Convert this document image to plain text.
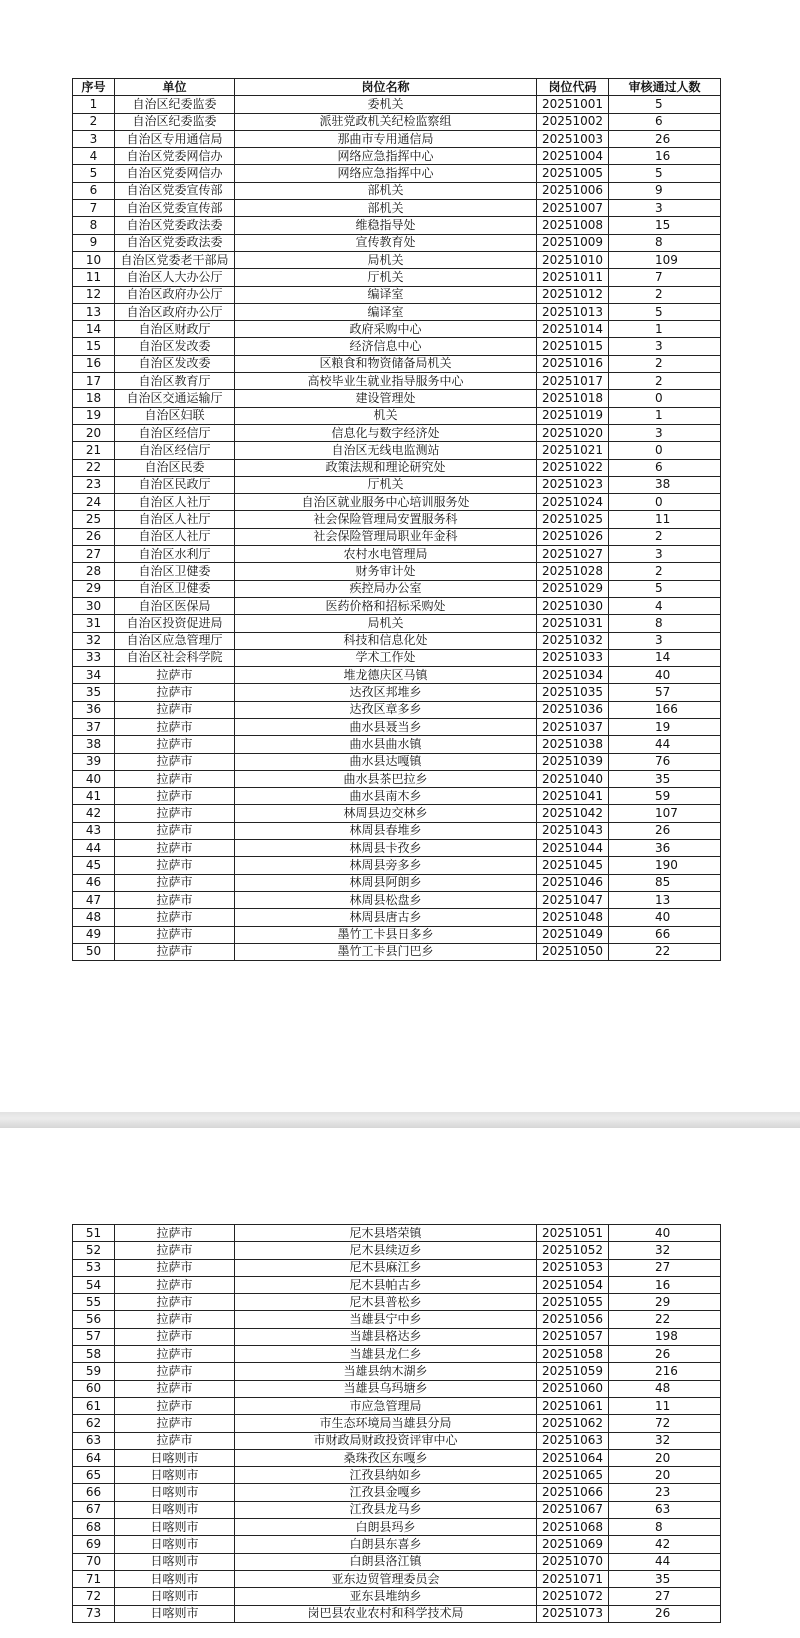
序号	单位	岗位名称	岗位代码	审核通过人数
1	自治区纪委监委	委机关	20251001	5
2	自治区纪委监委	派驻党政机关纪检监察组	20251002	6
3	自治区专用通信局	那曲市专用通信局	20251003	26
4	自治区党委网信办	网络应急指挥中心	20251004	16
5	自治区党委网信办	网络应急指挥中心	20251005	5
6	自治区党委宣传部	部机关	20251006	9
7	自治区党委宣传部	部机关	20251007	3
8	自治区党委政法委	维稳指导处	20251008	15
9	自治区党委政法委	宣传教育处	20251009	8
10	自治区党委老干部局	局机关	20251010	109
11	自治区人大办公厅	厅机关	20251011	7
12	自治区政府办公厅	编译室	20251012	2
13	自治区政府办公厅	编译室	20251013	5
14	自治区财政厅	政府采购中心	20251014	1
15	自治区发改委	经济信息中心	20251015	3
16	自治区发改委	区粮食和物资储备局机关	20251016	2
17	自治区教育厅	高校毕业生就业指导服务中心	20251017	2
18	自治区交通运输厅	建设管理处	20251018	0
19	自治区妇联	机关	20251019	1
20	自治区经信厅	信息化与数字经济处	20251020	3
21	自治区经信厅	自治区无线电监测站	20251021	0
22	自治区民委	政策法规和理论研究处	20251022	6
23	自治区民政厅	厅机关	20251023	38
24	自治区人社厅	自治区就业服务中心培训服务处	20251024	0
25	自治区人社厅	社会保险管理局安置服务科	20251025	11
26	自治区人社厅	社会保险管理局职业年金科	20251026	2
27	自治区水利厅	农村水电管理局	20251027	3
28	自治区卫健委	财务审计处	20251028	2
29	自治区卫健委	疾控局办公室	20251029	5
30	自治区医保局	医药价格和招标采购处	20251030	4
31	自治区投资促进局	局机关	20251031	8
32	自治区应急管理厅	科技和信息化处	20251032	3
33	自治区社会科学院	学术工作处	20251033	14
34	拉萨市	堆龙德庆区马镇	20251034	40
35	拉萨市	达孜区邦堆乡	20251035	57
36	拉萨市	达孜区章多乡	20251036	166
37	拉萨市	曲水县聂当乡	20251037	19
38	拉萨市	曲水县曲水镇	20251038	44
39	拉萨市	曲水县达嘎镇	20251039	76
40	拉萨市	曲水县茶巴拉乡	20251040	35
41	拉萨市	曲水县南木乡	20251041	59
42	拉萨市	林周县边交林乡	20251042	107
43	拉萨市	林周县春堆乡	20251043	26
44	拉萨市	林周县卡孜乡	20251044	36
45	拉萨市	林周县旁多乡	20251045	190
46	拉萨市	林周县阿朗乡	20251046	85
47	拉萨市	林周县松盘乡	20251047	13
48	拉萨市	林周县唐古乡	20251048	40
49	拉萨市	墨竹工卡县日多乡	20251049	66
50	拉萨市	墨竹工卡县门巴乡	20251050	22
51	拉萨市	尼木县塔荣镇	20251051	40
52	拉萨市	尼木县续迈乡	20251052	32
53	拉萨市	尼木县麻江乡	20251053	27
54	拉萨市	尼木县帕古乡	20251054	16
55	拉萨市	尼木县普松乡	20251055	29
56	拉萨市	当雄县宁中乡	20251056	22
57	拉萨市	当雄县格达乡	20251057	198
58	拉萨市	当雄县龙仁乡	20251058	26
59	拉萨市	当雄县纳木湖乡	20251059	216
60	拉萨市	当雄县乌玛塘乡	20251060	48
61	拉萨市	市应急管理局	20251061	11
62	拉萨市	市生态环境局当雄县分局	20251062	72
63	拉萨市	市财政局财政投资评审中心	20251063	32
64	日喀则市	桑珠孜区东嘎乡	20251064	20
65	日喀则市	江孜县纳如乡	20251065	20
66	日喀则市	江孜县金嘎乡	20251066	23
67	日喀则市	江孜县龙马乡	20251067	63
68	日喀则市	白朗县玛乡	20251068	8
69	日喀则市	白朗县东喜乡	20251069	42
70	日喀则市	白朗县洛江镇	20251070	44
71	日喀则市	亚东边贸管理委员会	20251071	35
72	日喀则市	亚东县堆纳乡	20251072	27
73	日喀则市	岗巴县农业农村和科学技术局	20251073	26
